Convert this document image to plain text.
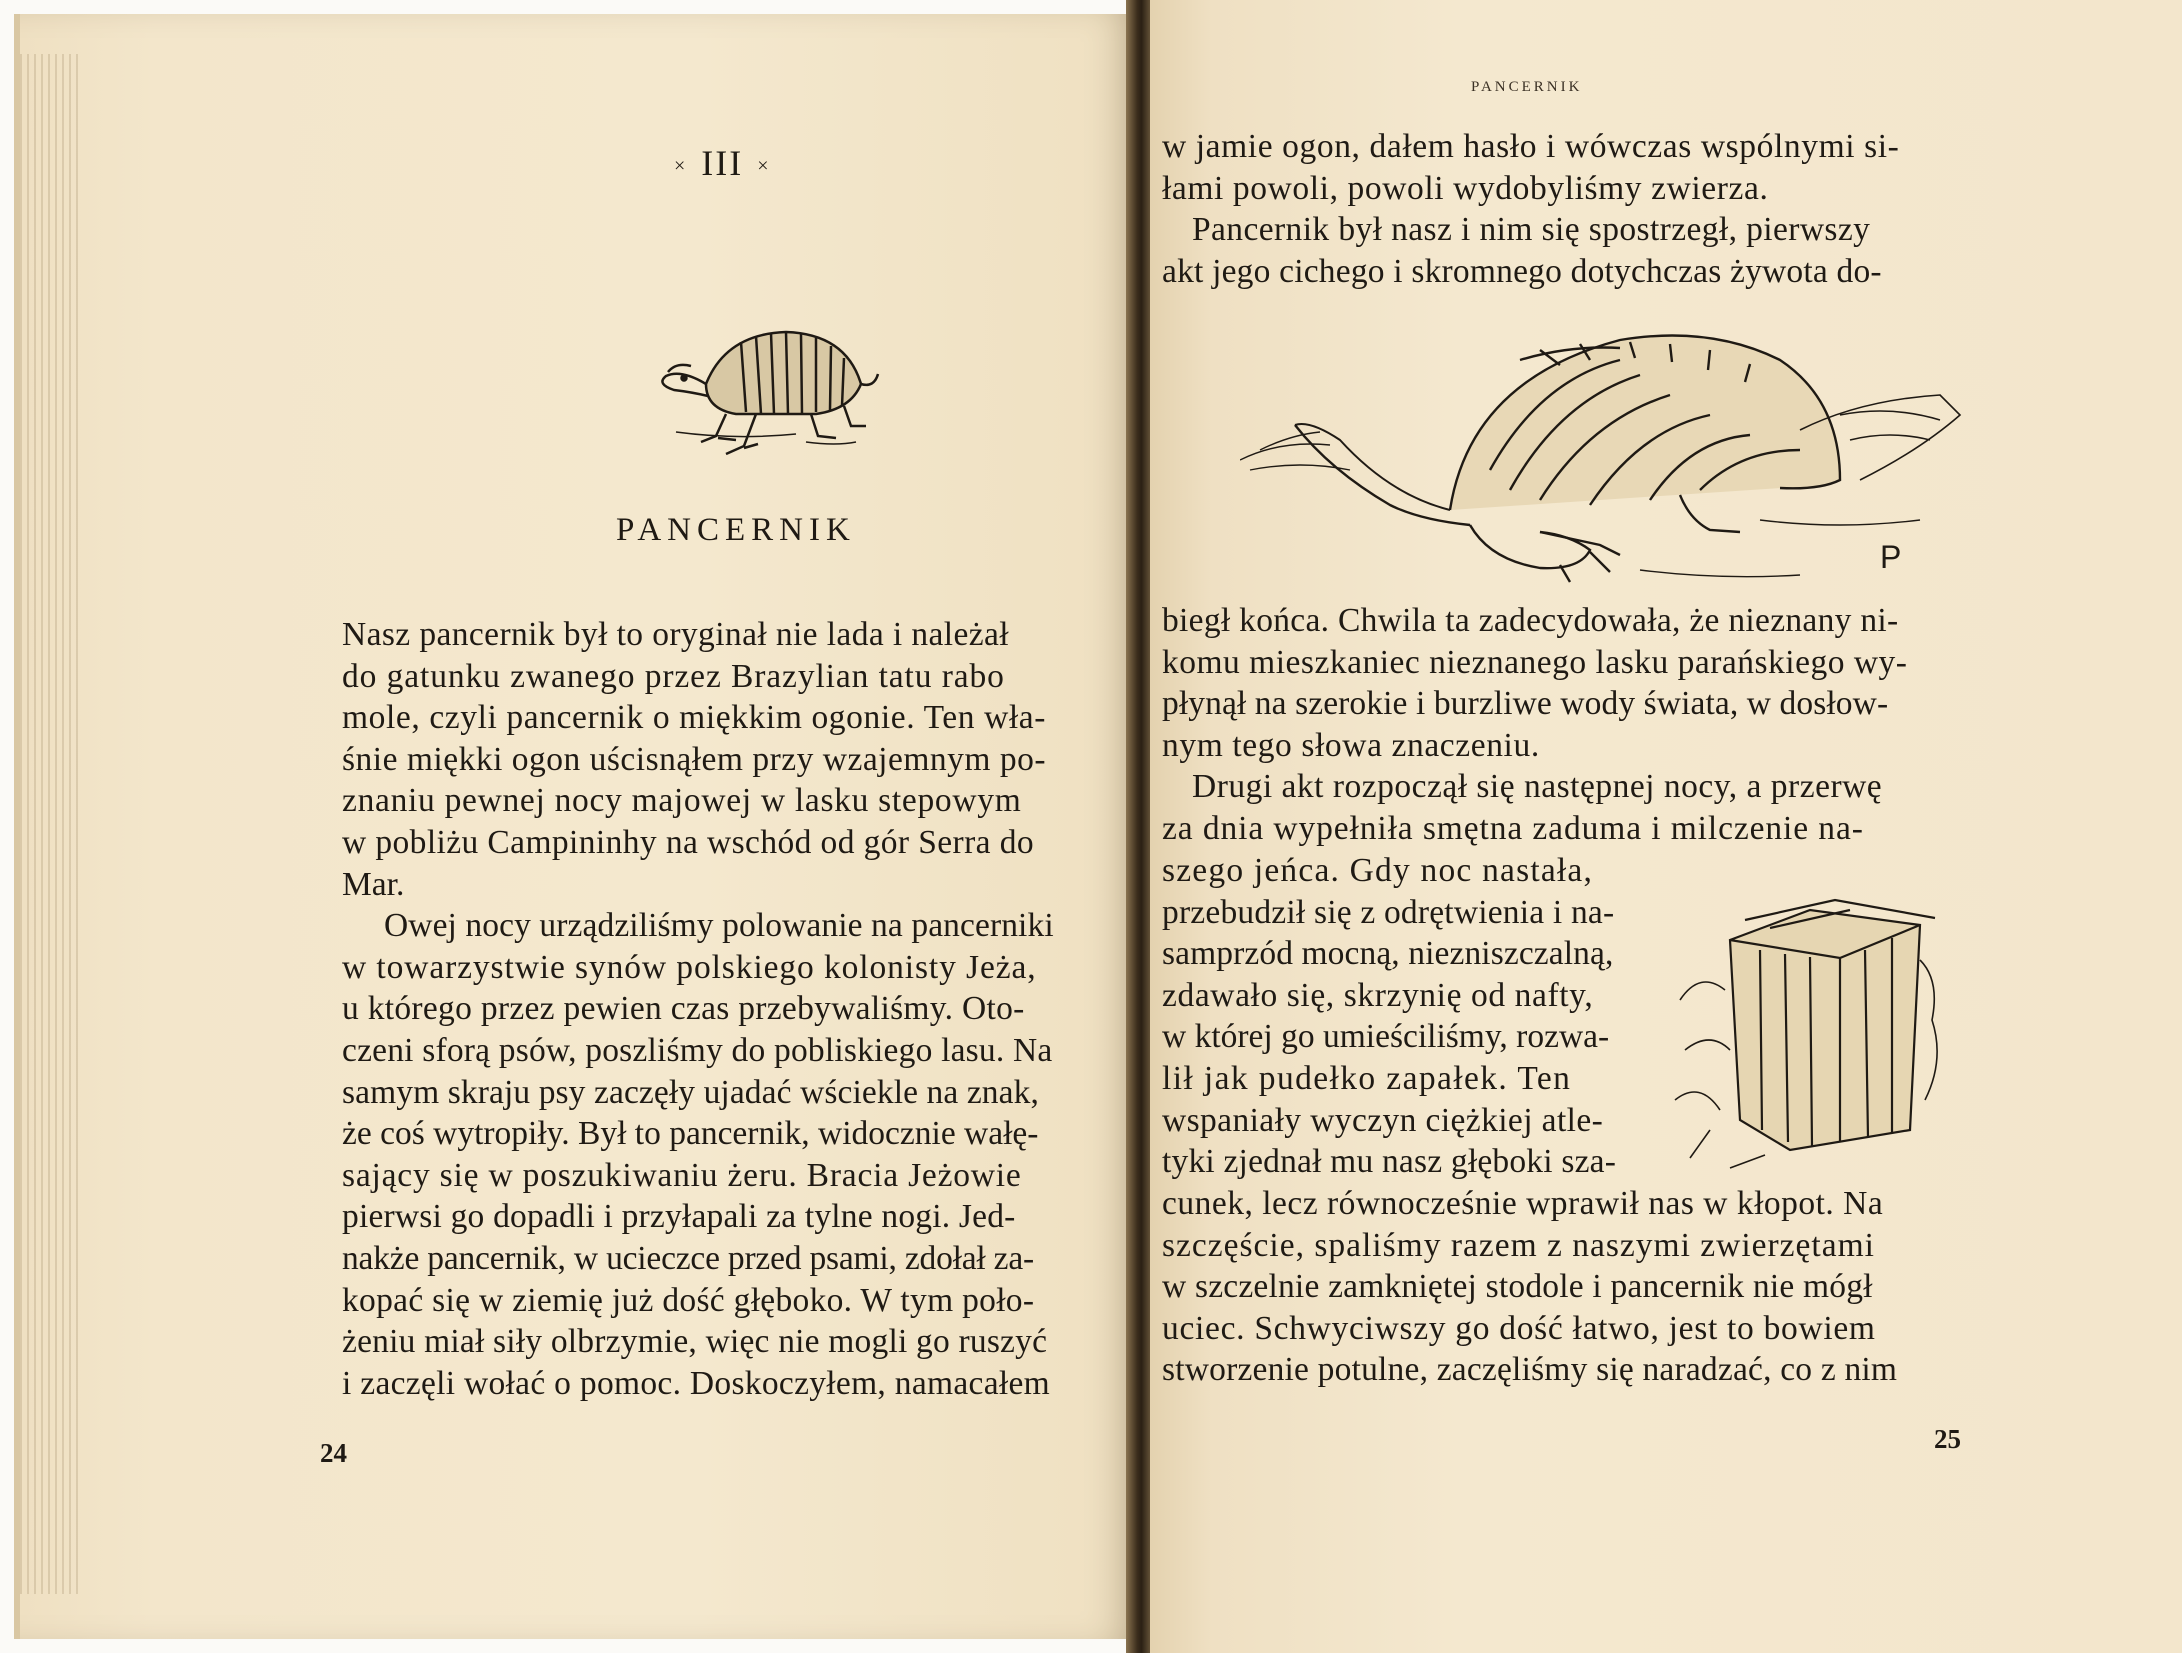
× III ×
PANCERNIK
Nasz pancernik był to oryginał nie lada i należał
do gatunku zwanego przez Brazylian tatu rabo
mole, czyli pancernik o miękkim ogonie. Ten wła-
śnie miękki ogon uścisnąłem przy wzajemnym po-
znaniu pewnej nocy majowej w lasku stepowym
w pobliżu Campininhy na wschód od gór Serra do
Mar.
Owej nocy urządziliśmy polowanie na pancerniki
w towarzystwie synów polskiego kolonisty Jeża,
u którego przez pewien czas przebywaliśmy. Oto-
czeni sforą psów, poszliśmy do pobliskiego lasu. Na
samym skraju psy zaczęły ujadać wściekle na znak,
że coś wytropiły. Był to pancernik, widocznie wałę-
sający się w poszukiwaniu żeru. Bracia Jeżowie
pierwsi go dopadli i przyłapali za tylne nogi. Jed-
nakże pancernik, w ucieczce przed psami, zdołał za-
kopać się w ziemię już dość głęboko. W tym poło-
żeniu miał siły olbrzymie, więc nie mogli go ruszyć
i zaczęli wołać o pomoc. Doskoczyłem, namacałem
24
PANCERNIK
w jamie ogon, dałem hasło i wówczas wspólnymi si-
łami powoli, powoli wydobyliśmy zwierza.
Pancernik był nasz i nim się spostrzegł, pierwszy
akt jego cichego i skromnego dotychczas żywota do-
P
biegł końca. Chwila ta zadecydowała, że nieznany ni-
komu mieszkaniec nieznanego lasku parańskiego wy-
płynął na szerokie i burzliwe wody świata, w dosłow-
nym tego słowa znaczeniu.
Drugi akt rozpoczął się następnej nocy, a przerwę
za dnia wypełniła smętna zaduma i milczenie na-
szego jeńca. Gdy noc nastała,
przebudził się z odrętwienia i na-
samprzód mocną, niezniszczalną,
zdawało się, skrzynię od nafty,
w której go umieściliśmy, rozwa-
lił jak pudełko zapałek. Ten
wspaniały wyczyn ciężkiej atle-
tyki zjednał mu nasz głęboki sza-
cunek, lecz równocześnie wprawił nas w kłopot. Na
szczęście, spaliśmy razem z naszymi zwierzętami
w szczelnie zamkniętej stodole i pancernik nie mógł
uciec. Schwyciwszy go dość łatwo, jest to bowiem
stworzenie potulne, zaczęliśmy się naradzać, co z nim
25
